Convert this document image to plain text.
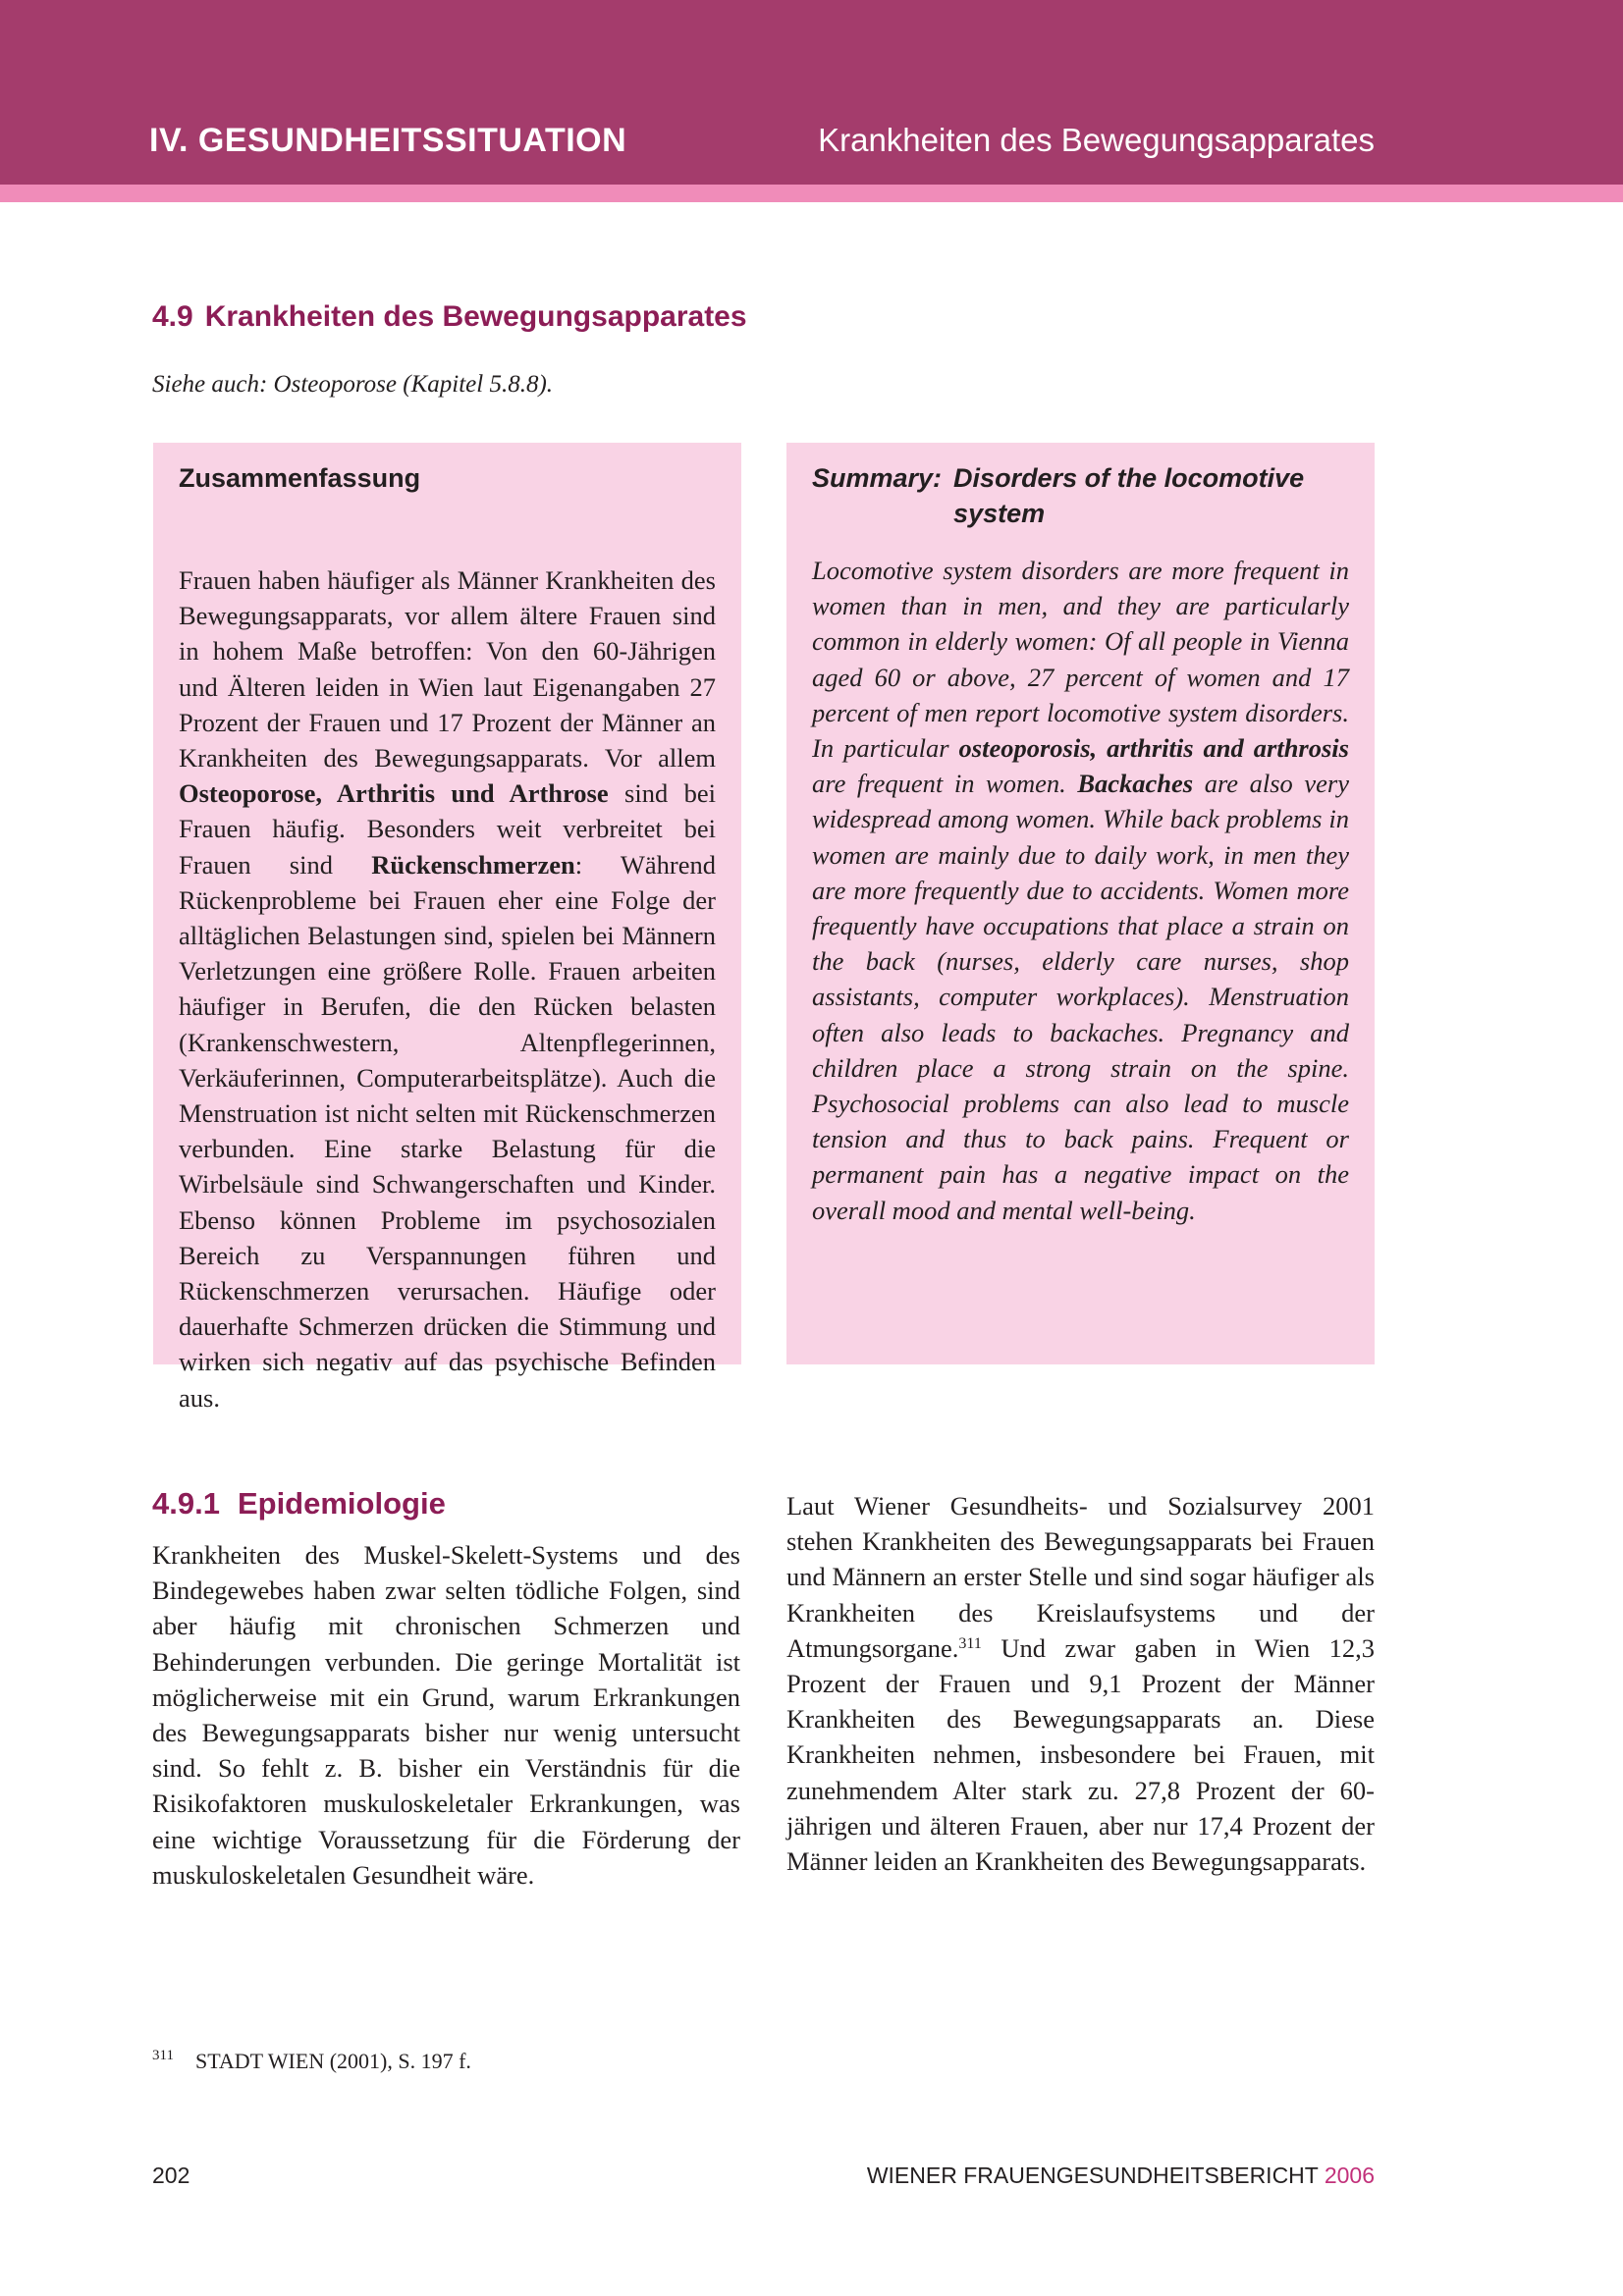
IV. GESUNDHEITSSITUATION	Krankheiten des Bewegungsapparates
4.9 Krankheiten des Bewegungsapparates
Siehe auch: Osteoporose (Kapitel 5.8.8).
Zusammenfassung
Frauen haben häufiger als Männer Krankheiten des Bewegungsapparats, vor allem ältere Frauen sind in hohem Maße betroffen: Von den 60-Jährigen und Älteren leiden in Wien laut Eigenangaben 27 Prozent der Frauen und 17 Prozent der Männer an Krankheiten des Bewegungsapparats. Vor allem Osteoporose, Arthritis und Arthrose sind bei Frauen häufig. Besonders weit verbreitet bei Frauen sind Rückenschmerzen: Während Rückenprobleme bei Frauen eher eine Folge der alltäglichen Belastungen sind, spielen bei Männern Verletzungen eine größere Rolle. Frauen arbeiten häufiger in Berufen, die den Rücken belasten (Krankenschwestern, Altenpflegerinnen, Verkäuferinnen, Computerarbeitsplätze). Auch die Menstruation ist nicht selten mit Rückenschmerzen verbunden. Eine starke Belastung für die Wirbelsäule sind Schwangerschaften und Kinder. Ebenso können Probleme im psychosozialen Bereich zu Verspannungen führen und Rückenschmerzen verursachen. Häufige oder dauerhafte Schmerzen drücken die Stimmung und wirken sich negativ auf das psychische Befinden aus.
Summary: Disorders of the locomotive system
Locomotive system disorders are more frequent in women than in men, and they are particularly common in elderly women: Of all people in Vienna aged 60 or above, 27 percent of women and 17 percent of men report locomotive system disorders. In particular osteoporosis, arthritis and arthrosis are frequent in women. Backaches are also very widespread among women. While back problems in women are mainly due to daily work, in men they are more frequently due to accidents. Women more frequently have occupations that place a strain on the back (nurses, elderly care nurses, shop assistants, computer workplaces). Menstruation often also leads to backaches. Pregnancy and children place a strong strain on the spine. Psychosocial problems can also lead to muscle tension and thus to back pains. Frequent or permanent pain has a negative impact on the overall mood and mental well-being.
4.9.1 Epidemiologie
Krankheiten des Muskel-Skelett-Systems und des Bindegewebes haben zwar selten tödliche Folgen, sind aber häufig mit chronischen Schmerzen und Behinderungen verbunden. Die geringe Mortalität ist möglicherweise mit ein Grund, warum Erkrankungen des Bewegungsapparats bisher nur wenig untersucht sind. So fehlt z. B. bisher ein Verständnis für die Risikofaktoren muskuloskeletaler Erkrankungen, was eine wichtige Voraussetzung für die Förderung der muskuloskeletalen Gesundheit wäre.
Laut Wiener Gesundheits- und Sozialsurvey 2001 stehen Krankheiten des Bewegungsapparats bei Frauen und Männern an erster Stelle und sind sogar häufiger als Krankheiten des Kreislaufsystems und der Atmungsorgane.$^{311}$ Und zwar gaben in Wien 12,3 Prozent der Frauen und 9,1 Prozent der Männer Krankheiten des Bewegungsapparats an. Diese Krankheiten nehmen, insbesondere bei Frauen, mit zunehmendem Alter stark zu. 27,8 Prozent der 60-jährigen und älteren Frauen, aber nur 17,4 Prozent der Männer leiden an Krankheiten des Bewegungsapparats.
$^{311}$ STADT WIEN (2001), S. 197 f.
202	WIENER FRAUENGESUNDHEITSBERICHT 2006
